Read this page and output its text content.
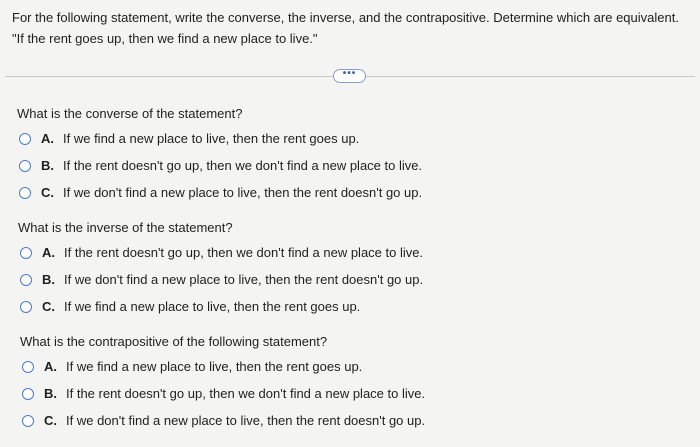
For the following statement, write the converse, the inverse, and the contrapositive. Determine which are equivalent.
"If the rent goes up, then we find a new place to live."
•••
What is the converse of the statement?
A. If we find a new place to live, then the rent goes up.
B. If the rent doesn't go up, then we don't find a new place to live.
C. If we don't find a new place to live, then the rent doesn't go up.
What is the inverse of the statement?
A. If the rent doesn't go up, then we don't find a new place to live.
B. If we don't find a new place to live, then the rent doesn't go up.
C. If we find a new place to live, then the rent goes up.
What is the contrapositive of the following statement?
A. If we find a new place to live, then the rent goes up.
B. If the rent doesn't go up, then we don't find a new place to live.
C. If we don't find a new place to live, then the rent doesn't go up.
